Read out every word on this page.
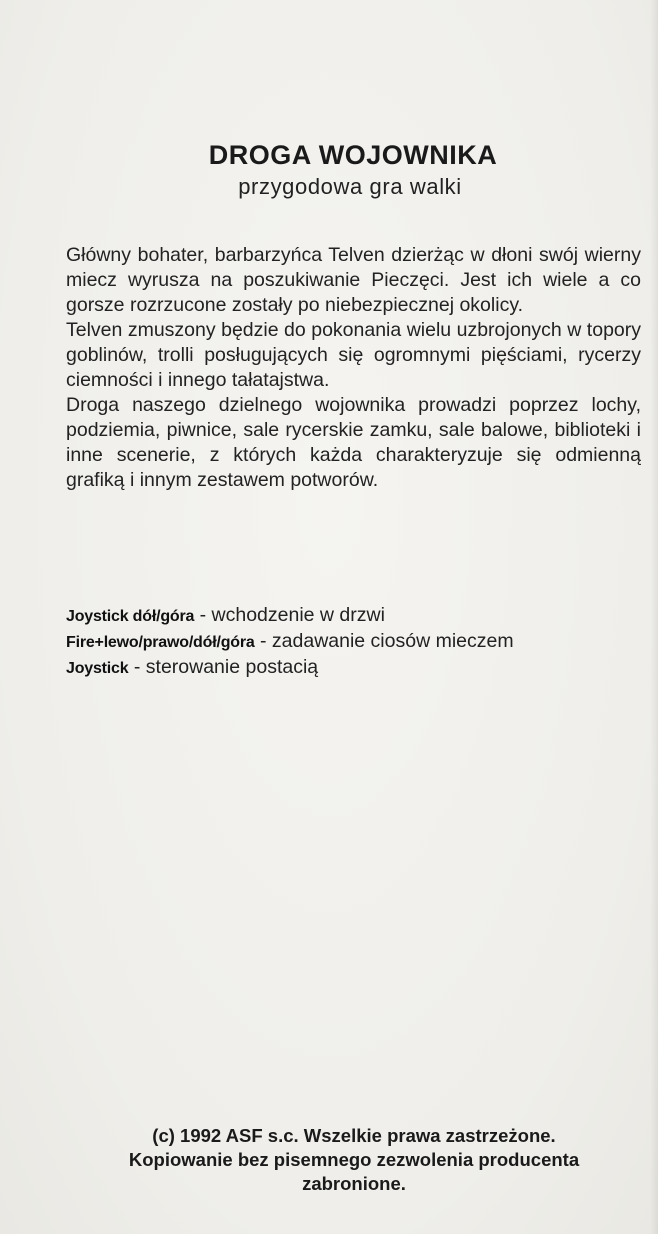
DROGA WOJOWNIKA
przygodowa gra walki

Główny bohater, barbarzyńca Telven dzierżąc w dłoni swój wierny miecz wyrusza na poszukiwanie Pieczęci. Jest ich wiele a co gorsze rozrzucone zostały po niebezpiecznej okolicy.

Telven zmuszony będzie do pokonania wielu uzbrojonych w topory goblinów, trolli posługujących się ogromnymi pięściami, rycerzy ciemności i innego tałatajstwa.

Droga naszego dzielnego wojownika prowadzi poprzez lochy, podziemia, piwnice, sale rycerskie zamku, sale balowe, biblioteki i inne scenerie, z których każda charakteryzuje się odmienną grafiką i innym zestawem potworów.

Joystick dół/góra - wchodzenie w drzwi
Fire+lewo/prawo/dół/góra - zadawanie ciosów mieczem
Joystick - sterowanie postacią
(c) 1992 ASF s.c. Wszelkie prawa zastrzeżone.
Kopiowanie bez pisemnego zezwolenia producenta
zabronione.
